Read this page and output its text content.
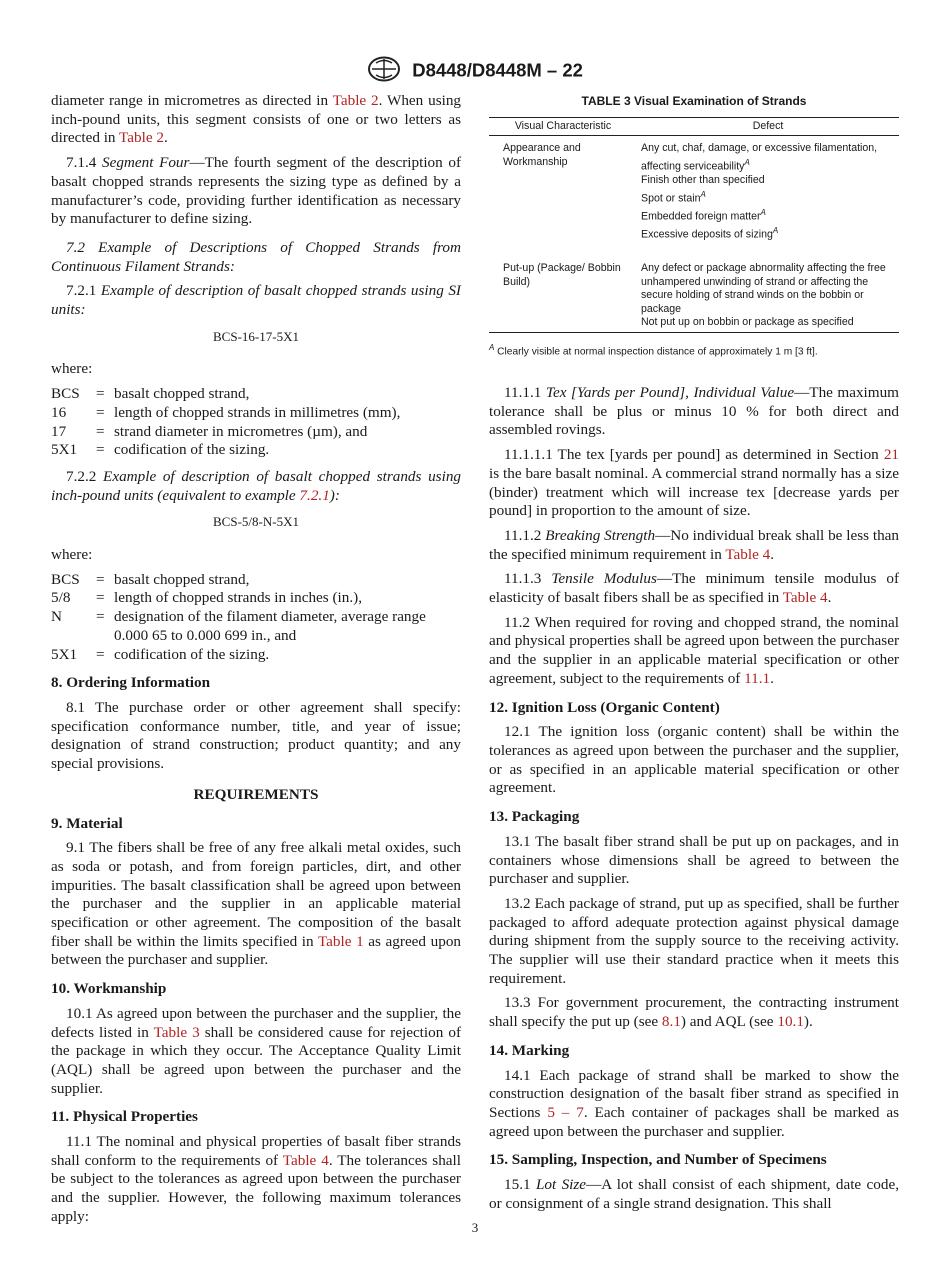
D8448/D8448M – 22

diameter range in micrometres as directed in Table 2. When using inch-pound units, this segment consists of one or two letters as directed in Table 2.

7.1.4 Segment Four—The fourth segment of the description of basalt chopped strands represents the sizing type as defined by a manufacturer’s code, providing further identification as necessary by manufacturer to define sizing.

7.2 Example of Descriptions of Chopped Strands from Continuous Filament Strands:

7.2.1 Example of description of basalt chopped strands using SI units:

BCS-16-17-5X1

where:

BCS	=	basalt chopped strand,
16	=	length of chopped strands in millimetres (mm),
17	=	strand diameter in micrometres (µm), and
5X1	=	codification of the sizing.

7.2.2 Example of description of basalt chopped strands using inch-pound units (equivalent to example 7.2.1):

BCS-5/8-N-5X1

where:

BCS	=	basalt chopped strand,
5/8	=	length of chopped strands in inches (in.),
N	=	designation of the filament diameter, average range 0.000 65 to 0.000 699 in., and
5X1	=	codification of the sizing.
8. Ordering Information

8.1 The purchase order or other agreement shall specify: specification conformance number, title, and year of issue; designation of strand construction; product quantity; and any special provisions.

REQUIREMENTS
9. Material

9.1 The fibers shall be free of any free alkali metal oxides, such as soda or potash, and from foreign particles, dirt, and other impurities. The basalt classification shall be agreed upon between the purchaser and the supplier in an applicable material specification or other agreement. The composition of the basalt fiber shall be within the limits specified in Table 1 as agreed upon between the purchaser and supplier.

10. Workmanship

10.1 As agreed upon between the purchaser and the supplier, the defects listed in Table 3 shall be considered cause for rejection of the package in which they occur. The Acceptance Quality Limit (AQL) shall be agreed upon between the purchaser and the supplier.

11. Physical Properties

11.1 The nominal and physical properties of basalt fiber strands shall conform to the requirements of Table 4. The tolerances shall be subject to the tolerances as agreed upon between the purchaser and the supplier. However, the following maximum tolerances apply:

TABLE 3 Visual Examination of Strands
Visual Characteristic	Defect
Appearance and Workmanship	Any cut, chaf, damage, or excessive filamentation, affecting serviceability$^A$
Finish other than specified
Spot or stain$^A$
Embedded foreign matter$^A$
Excessive deposits of sizing$^A$

Put-up (Package/ Bobbin Build)	Any defect or package abnormality affecting the free unhampered unwinding of strand or affecting the secure holding of strand winds on the bobbin or package
Not put up on bobbin or package as specified
$^A$ Clearly visible at normal inspection distance of approximately 1 m [3 ft].

11.1.1 Tex [Yards per Pound], Individual Value—The maximum tolerance shall be plus or minus 10 % for both direct and assembled rovings.

11.1.1.1 The tex [yards per pound] as determined in Section 21 is the bare basalt nominal. A commercial strand normally has a size (binder) treatment which will increase tex [decrease yards per pound] in proportion to the amount of size.

11.1.2 Breaking Strength—No individual break shall be less than the specified minimum requirement in Table 4.

11.1.3 Tensile Modulus—The minimum tensile modulus of elasticity of basalt fibers shall be as specified in Table 4.

11.2 When required for roving and chopped strand, the nominal and physical properties shall be agreed upon between the purchaser and the supplier in an applicable material specification or other agreement, subject to the requirements of 11.1.

12. Ignition Loss (Organic Content)

12.1 The ignition loss (organic content) shall be within the tolerances as agreed upon between the purchaser and the supplier, or as specified in an applicable material specification or other agreement.

13. Packaging

13.1 The basalt fiber strand shall be put up on packages, and in containers whose dimensions shall be agreed to between the purchaser and supplier.

13.2 Each package of strand, put up as specified, shall be further packaged to afford adequate protection against physical damage during shipment from the supply source to the receiving activity. The supplier will use their standard practice when it meets this requirement.

13.3 For government procurement, the contracting instrument shall specify the put up (see 8.1) and AQL (see 10.1).

14. Marking

14.1 Each package of strand shall be marked to show the construction designation of the basalt fiber strand as specified in Sections 5 – 7. Each container of packages shall be marked as agreed upon between the purchaser and supplier.

15. Sampling, Inspection, and Number of Specimens

15.1 Lot Size—A lot shall consist of each shipment, date code, or consignment of a single strand designation. This shall

3
